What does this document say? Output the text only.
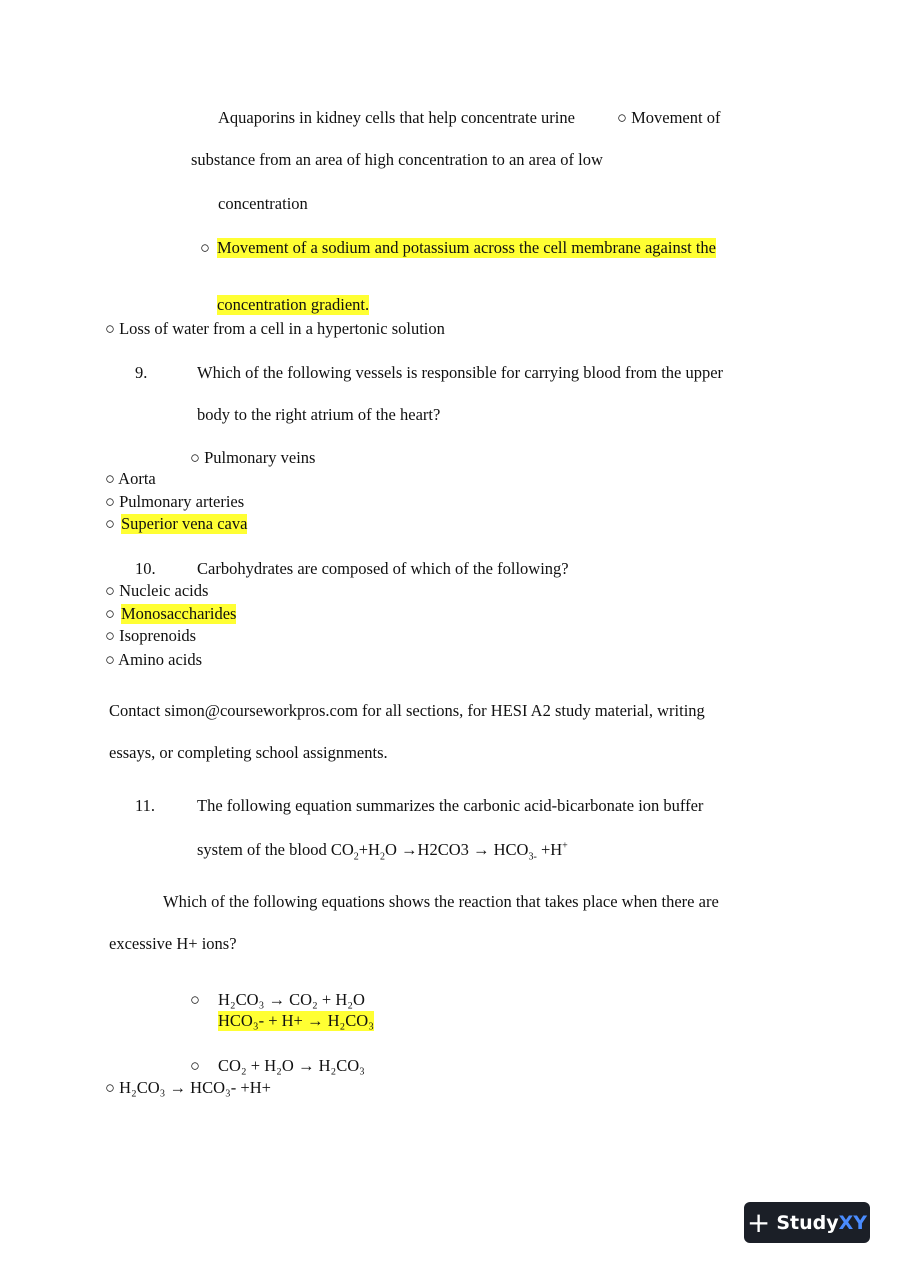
Aquaporins in kidney cells that help concentrate urine	○ Movement of
substance from an area of high concentration to an area of low
concentration
○ Movement of a sodium and potassium across the cell membrane against the
concentration gradient.
○ Loss of water from a cell in a hypertonic solution
9.	Which of the following vessels is responsible for carrying blood from the upper
body to the right atrium of the heart?
○ Pulmonary veins
○ Aorta
○ Pulmonary arteries
○ Superior vena cava
10.	Carbohydrates are composed of which of the following?
○ Nucleic acids
○ Monosaccharides
○ Isoprenoids
○ Amino acids
Contact simon@courseworkpros.com for all sections, for HESI A2 study material, writing
essays, or completing school assignments.
11.	The following equation summarizes the carbonic acid-bicarbonate ion buffer
system of the blood $CO_2+H_2O \to H2CO3 \to HCO_{3-} +H^+$
Which of the following equations shows the reaction that takes place when there are
excessive H+ ions?
○ H₂CO₃ → CO₂ + H₂O
HCO₃- + H+ → H₂CO₃
○ CO₂ + H₂O → H₂CO₃
○ H₂CO₃ → HCO₃- +H+
+ Study XY
